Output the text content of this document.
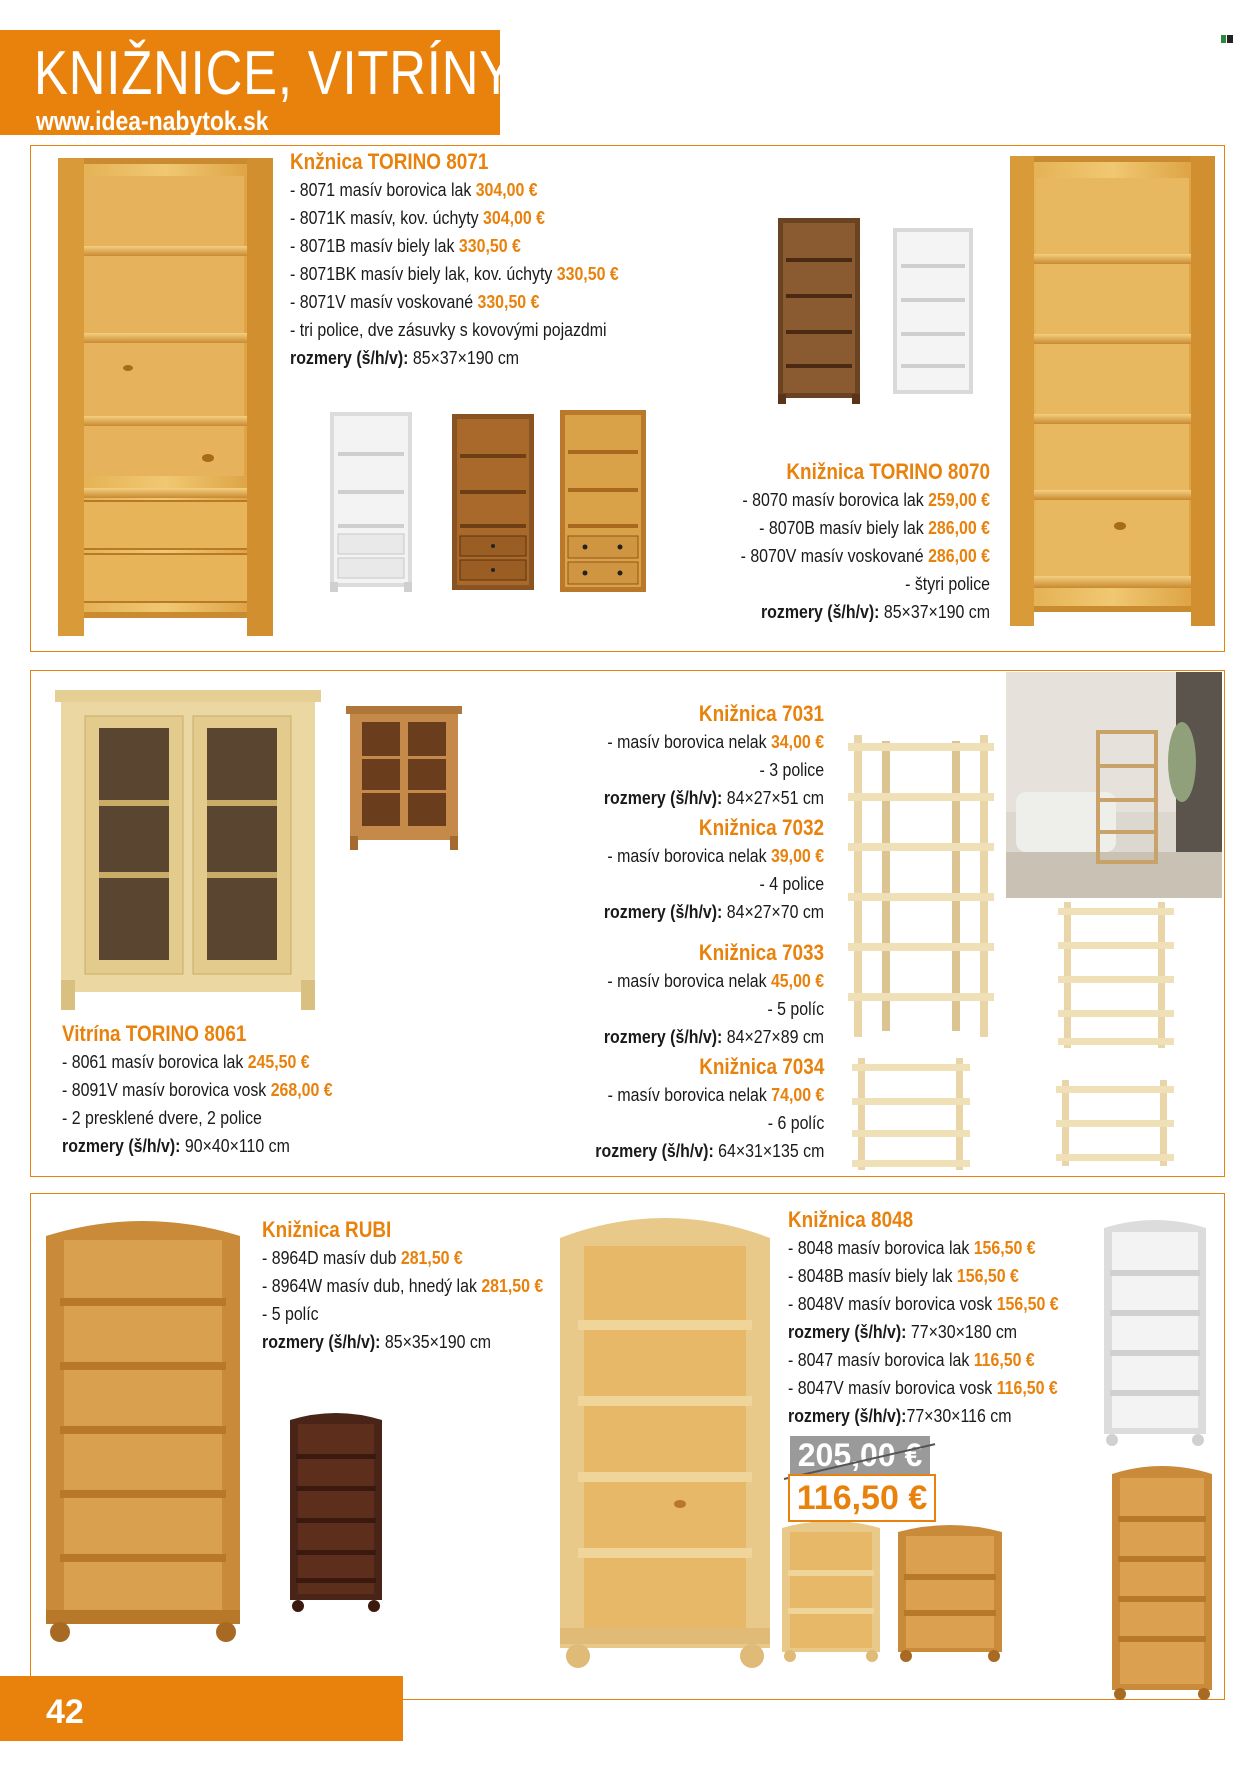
KNIŽNICE, VITRÍNY
www.idea-nabytok.sk
42
Knžnica TORINO 8071
- 8071 masív borovica lak 304,00 €
- 8071K masív, kov. úchyty 304,00 €
- 8071B masív biely lak 330,50 €
- 8071BK masív biely lak, kov. úchyty 330,50 €
- 8071V masív voskované 330,50 €
- tri police, dve zásuvky s kovovými pojazdmi
rozmery (š/h/v): 85×37×190 cm
Knižnica TORINO 8070
- 8070 masív borovica lak 259,00 €
- 8070B masív biely lak 286,00 €
- 8070V masív voskované 286,00 €
- štyri police
rozmery (š/h/v): 85×37×190 cm
Vitrína TORINO 8061
- 8061 masív borovica lak 245,50 €
- 8091V masív borovica vosk 268,00 €
- 2 presklené dvere, 2 police
rozmery (š/h/v): 90×40×110 cm
Knižnica 7031
- masív borovica nelak 34,00 €
- 3 police
rozmery (š/h/v): 84×27×51 cm
Knižnica 7032
- masív borovica nelak 39,00 €
- 4 police
rozmery (š/h/v): 84×27×70 cm
Knižnica 7033
- masív borovica nelak 45,00 €
- 5 políc
rozmery (š/h/v): 84×27×89 cm
Knižnica 7034
- masív borovica nelak 74,00 €
- 6 políc
rozmery (š/h/v): 64×31×135 cm
Knižnica RUBI
- 8964D masív dub 281,50 €
- 8964W masív dub, hnedý lak 281,50 €
- 5 políc
rozmery (š/h/v): 85×35×190 cm
Knižnica 8048
- 8048 masív borovica lak 156,50 €
- 8048B masív biely lak 156,50 €
- 8048V masív borovica vosk 156,50 €
rozmery (š/h/v): 77×30×180 cm
- 8047 masív borovica lak 116,50 €
- 8047V masív borovica vosk 116,50 €
rozmery (š/h/v):77×30×116 cm
205,00 €
116,50 €
